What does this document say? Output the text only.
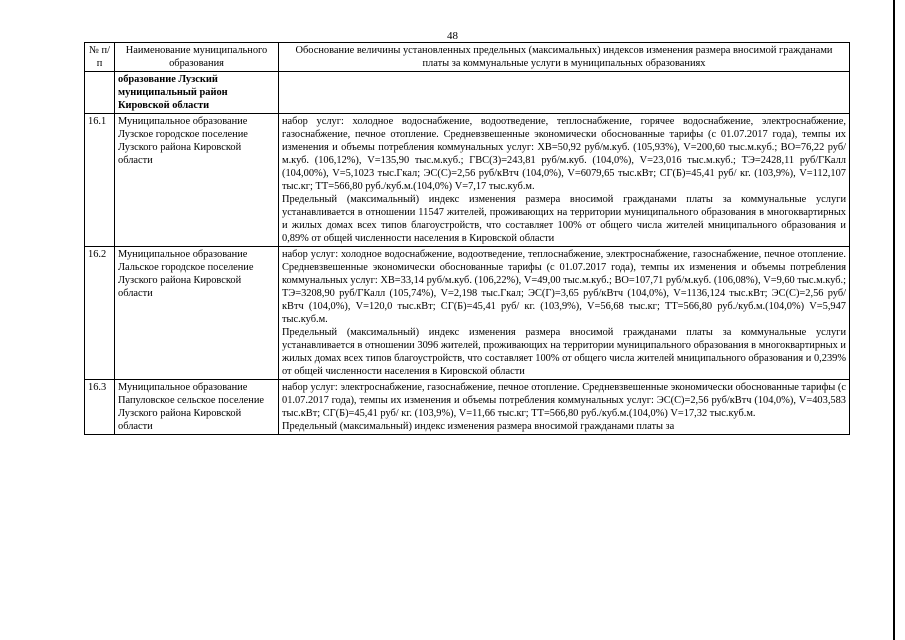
48
№ п/п	Наименование муниципального образования	Обоснование величины установленных предельных (максимальных) индексов изменения размера вносимой гражданами платы за коммунальные услуги в муниципальных образованиях
	образование Лузский муниципальный район Кировской области	
16.1	Муниципальное образование Лузское городское поселение Лузского района Кировской области	набор услуг: холодное водоснабжение, водоотведение, теплоснабжение, горячее водоснабжение, электроснабжение, газоснабжение, печное отопление. Средневзвешенные экономически обоснованные тарифы (с 01.07.2017 года), темпы их изменения и объемы потребления коммунальных услуг: ХВ=50,92 руб/м.куб. (105,93%), V=200,60 тыс.м.куб.; ВО=76,22 руб/м.куб. (106,12%), V=135,90 тыс.м.куб.; ГВС(З)=243,81 руб/м.куб. (104,0%), V=23,016 тыс.м.куб.; ТЭ=2428,11 руб/ГКалл (104,00%), V=5,1023 тыс.Гкал; ЭС(С)=2,56 руб/кВтч (104,0%), V=6079,65 тыс.кВт; СГ(Б)=45,41 руб/ кг. (103,9%), V=112,107 тыс.кг; ТТ=566,80 руб./куб.м.(104,0%) V=7,17 тыс.куб.м.

Предельный (максимальный) индекс изменения размера вносимой гражданами платы за коммунальные услуги устанавливается в отношении 11547 жителей, проживающих на территории муниципального образования в многоквартирных и жилых домах всех типов благоустройств, что составляет 100% от общего числа жителей мниципального образования и 0,89% от общей численности населения в Кировской области

16.2	Муниципальное образование Лальское городское поселение Лузского района Кировской области	набор услуг: холодное водоснабжение, водоотведение, теплоснабжение, электроснабжение, газоснабжение, печное отопление. Средневзвешенные экономически обоснованные тарифы (с 01.07.2017 года), темпы их изменения и объемы потребления коммунальных услуг: ХВ=33,14 руб/м.куб. (106,22%), V=49,00 тыс.м.куб.; ВО=107,71 руб/м.куб. (106,08%), V=9,60 тыс.м.куб.; ТЭ=3208,90 руб/ГКалл (105,74%), V=2,198 тыс.Гкал; ЭС(Г)=3,65 руб/кВтч (104,0%), V=1136,124 тыс.кВт; ЭС(С)=2,56 руб/кВтч (104,0%), V=120,0 тыс.кВт; СГ(Б)=45,41 руб/ кг. (103,9%), V=56,68 тыс.кг; ТТ=566,80 руб./куб.м.(104,0%) V=5,947 тыс.куб.м.

Предельный (максимальный) индекс изменения размера вносимой гражданами платы за коммунальные услуги устанавливается в отношении 3096 жителей, проживающих на территории муниципального образования в многоквартирных и жилых домах всех типов благоустройств, что составляет 100% от общего числа жителей мниципального образования и 0,239% от общей численности населения в Кировской области

16.3	Муниципальное образование Папуловское сельское поселение Лузского района Кировской области	набор услуг: электроснабжение, газоснабжение, печное отопление. Средневзвешенные экономически обоснованные тарифы (с 01.07.2017 года), темпы их изменения и объемы потребления коммунальных услуг: ЭС(С)=2,56 руб/кВтч (104,0%), V=403,583 тыс.кВт; СГ(Б)=45,41 руб/ кг. (103,9%), V=11,66 тыс.кг; ТТ=566,80 руб./куб.м.(104,0%) V=17,32 тыс.куб.м.

Предельный (максимальный) индекс изменения размера вносимой гражданами платы за
